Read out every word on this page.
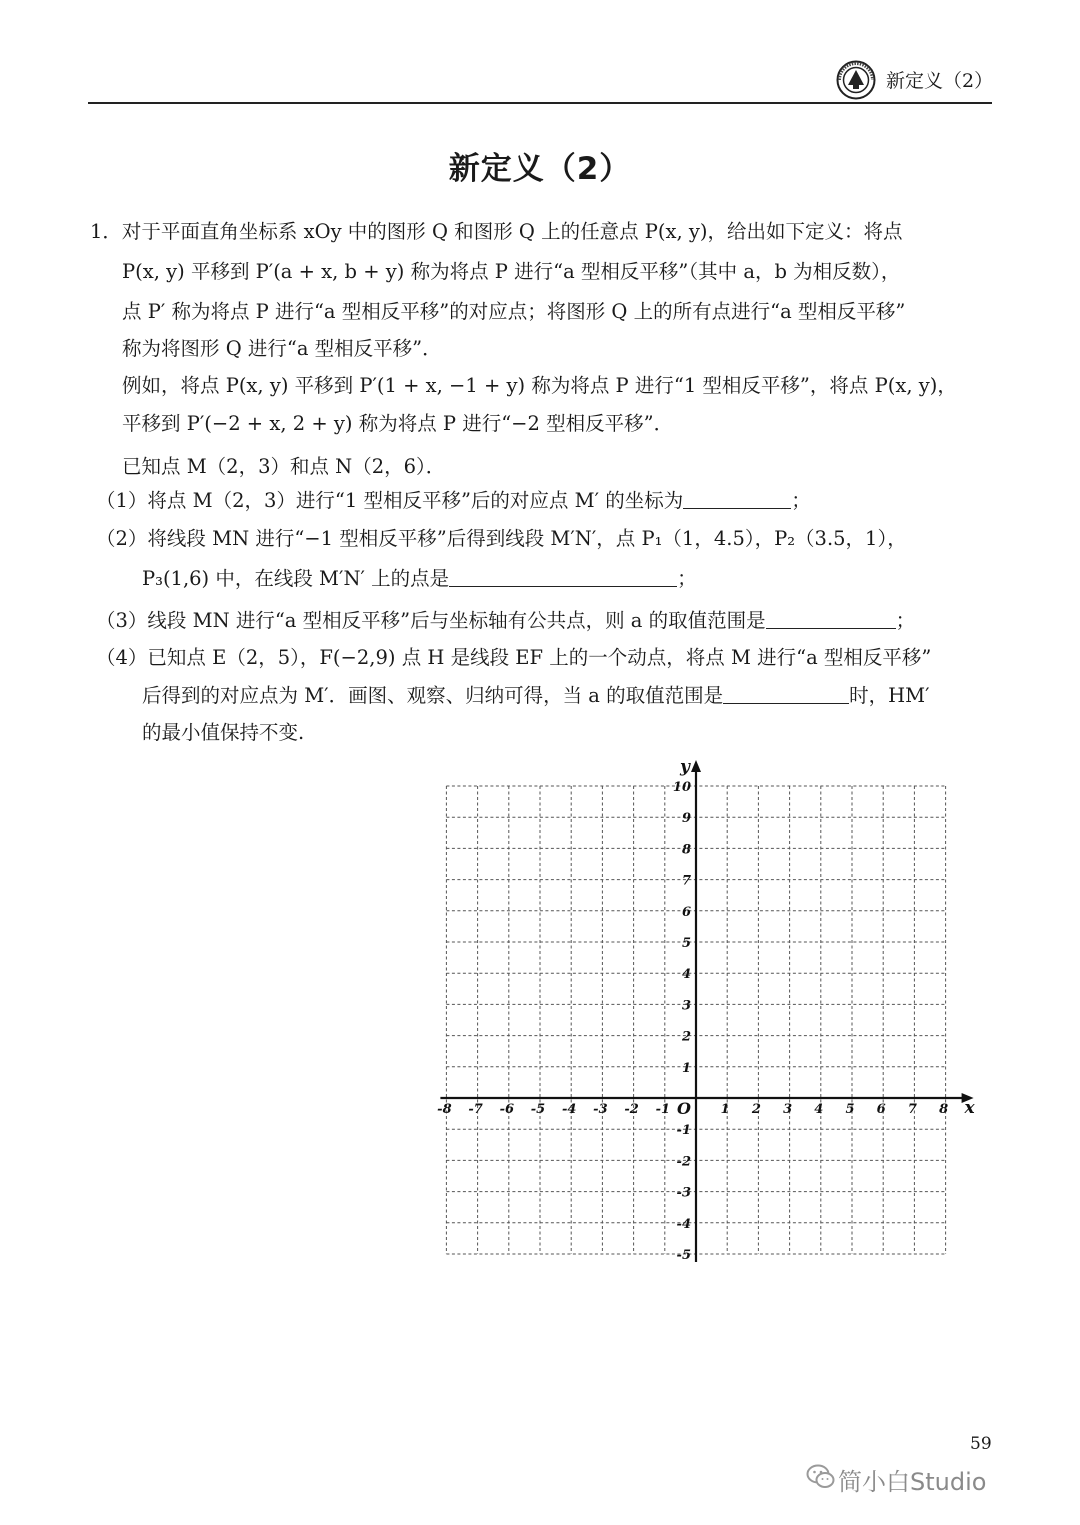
新定义（2）
新定义（2）
1．对于平面直角坐标系 xOy 中的图形 Q 和图形 Q 上的任意点 P(x, y)，给出如下定义：将点
P(x, y) 平移到 P′(a + x, b + y) 称为将点 P 进行“a 型相反平移”（其中 a，b 为相反数），
点 P′ 称为将点 P 进行“a 型相反平移”的对应点；将图形 Q 上的所有点进行“a 型相反平移”
称为将图形 Q 进行“a 型相反平移”．
例如，将点 P(x, y) 平移到 P′(1 + x, −1 + y) 称为将点 P 进行“1 型相反平移”，将点 P(x, y)，
平移到 P′(−2 + x, 2 + y) 称为将点 P 进行“−2 型相反平移”．
已知点 M（2，3）和点 N（2，6）．
（1）将点 M（2，3）进行“1 型相反平移”后的对应点 M′ 的坐标为	；
（2）将线段 MN 进行“−1 型相反平移”后得到线段 M′N′，点 P₁（1，4.5），P₂（3.5，1），
P₃(1,6) 中，在线段 M′N′ 上的点是	；
（3）线段 MN 进行“a 型相反平移”后与坐标轴有公共点，则 a 的取值范围是	；
（4）已知点 E（2，5），F(−2,9) 点 H 是线段 EF 上的一个动点，将点 M 进行“a 型相反平移”
后得到的对应点为 M′．画图、观察、归纳可得，当 a 的取值范围是	时，HM′
的最小值保持不变.
-8 -7 -6 -5 -4 -3 -2 -1	1 2 3 4 5 6 7 8
-5
-4
-3
-2
-1
1
2
3
4
5
6
7
8
9
10
O	x
y
59
简小白Studio
